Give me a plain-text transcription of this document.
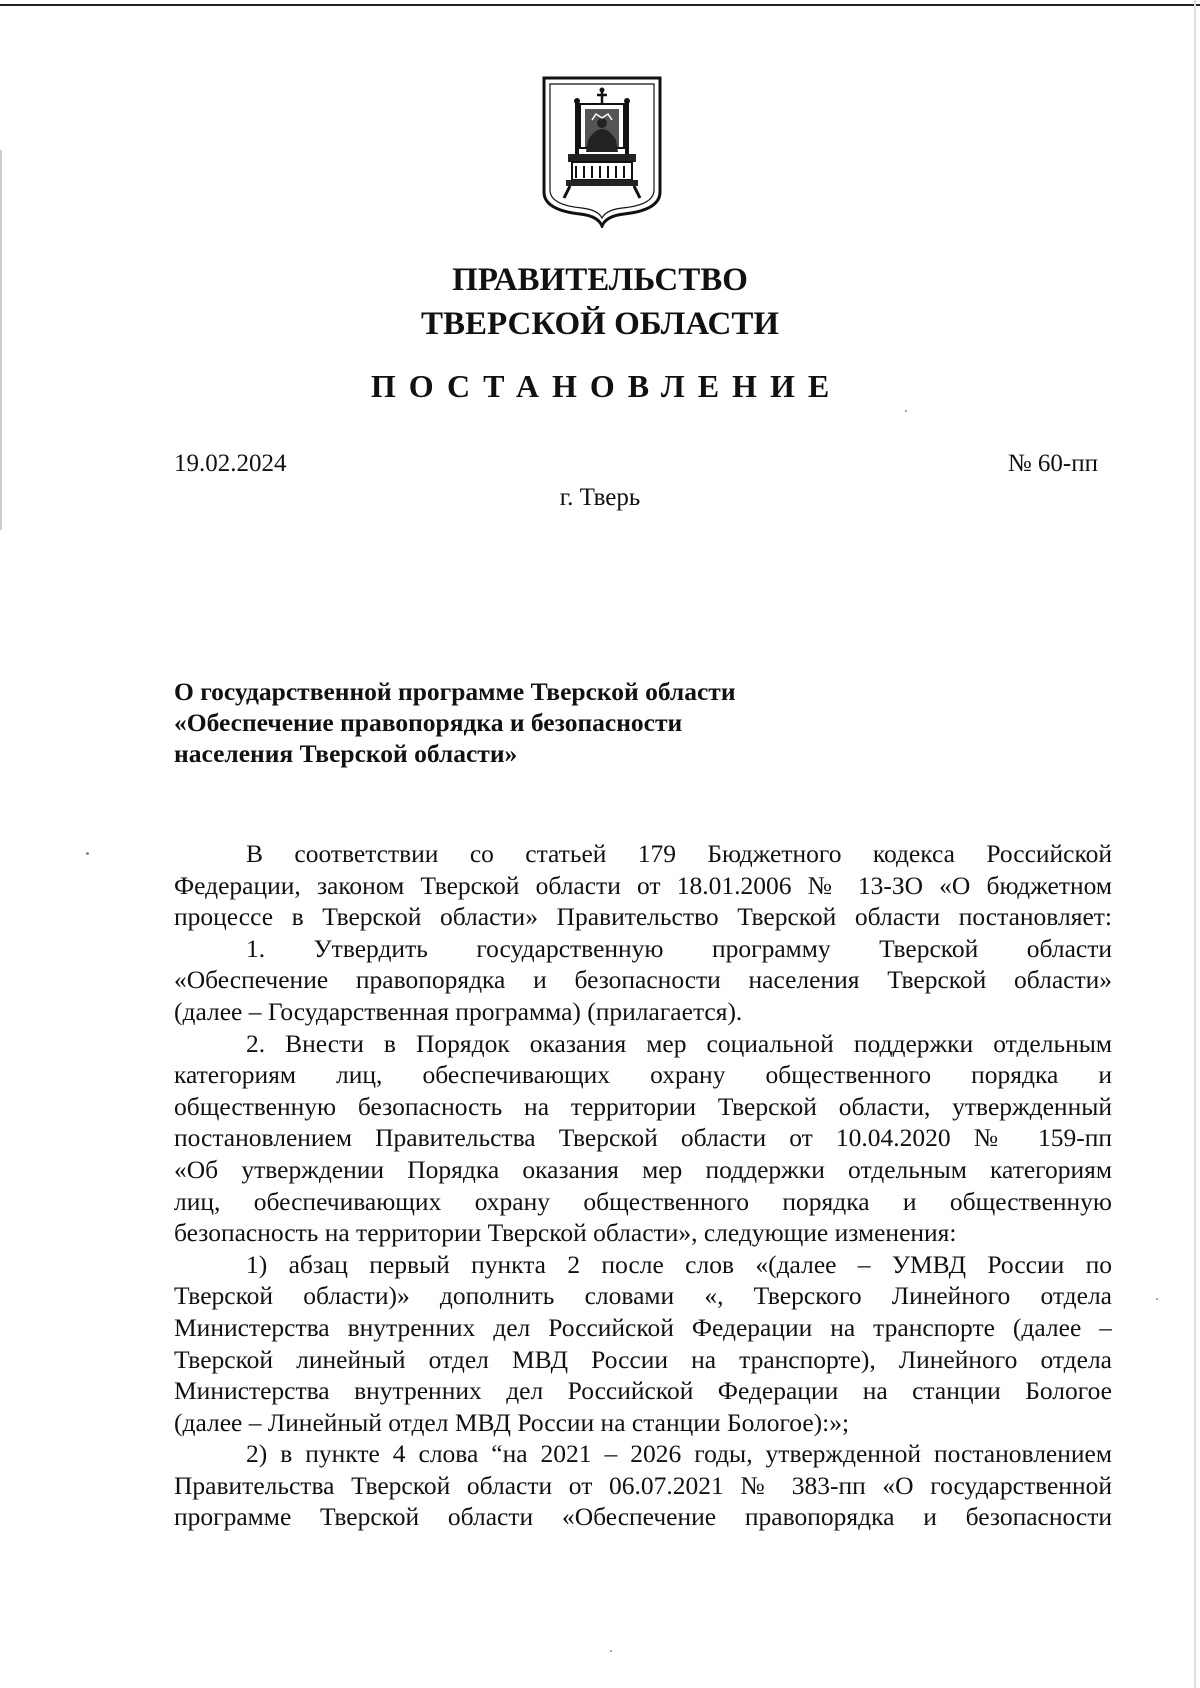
ПРАВИТЕЛЬСТВО
ТВЕРСКОЙ ОБЛАСТИ
ПОСТАНОВЛЕНИЕ
19.02.2024	№ 60-пп
г. Тверь
О государственной программе Тверской области
«Обеспечение правопорядка и безопасности
населения Тверской области»
В соответствии со статьей 179 Бюджетного кодекса Российской
Федерации, законом Тверской области от 18.01.2006 № 13-ЗО «О бюджетном
процессе в Тверской области» Правительство Тверской области постановляет:
1. Утвердить государственную программу Тверской области
«Обеспечение правопорядка и безопасности населения Тверской области»
(далее – Государственная программа) (прилагается).
2. Внести в Порядок оказания мер социальной поддержки отдельным
категориям лиц, обеспечивающих охрану общественного порядка и
общественную безопасность на территории Тверской области, утвержденный
постановлением Правительства Тверской области от 10.04.2020 № 159-пп
«Об утверждении Порядка оказания мер поддержки отдельным категориям
лиц, обеспечивающих охрану общественного порядка и общественную
безопасность на территории Тверской области», следующие изменения:
1) абзац первый пункта 2 после слов «(далее – УМВД России по
Тверской области)» дополнить словами «, Тверского Линейного отдела
Министерства внутренних дел Российской Федерации на транспорте (далее –
Тверской линейный отдел МВД России на транспорте), Линейного отдела
Министерства внутренних дел Российской Федерации на станции Бологое
(далее – Линейный отдел МВД России на станции Бологое):»;
2) в пункте 4 слова “на 2021 – 2026 годы, утвержденной постановлением
Правительства Тверской области от 06.07.2021 № 383-пп «О государственной
программе Тверской области «Обеспечение правопорядка и безопасности
